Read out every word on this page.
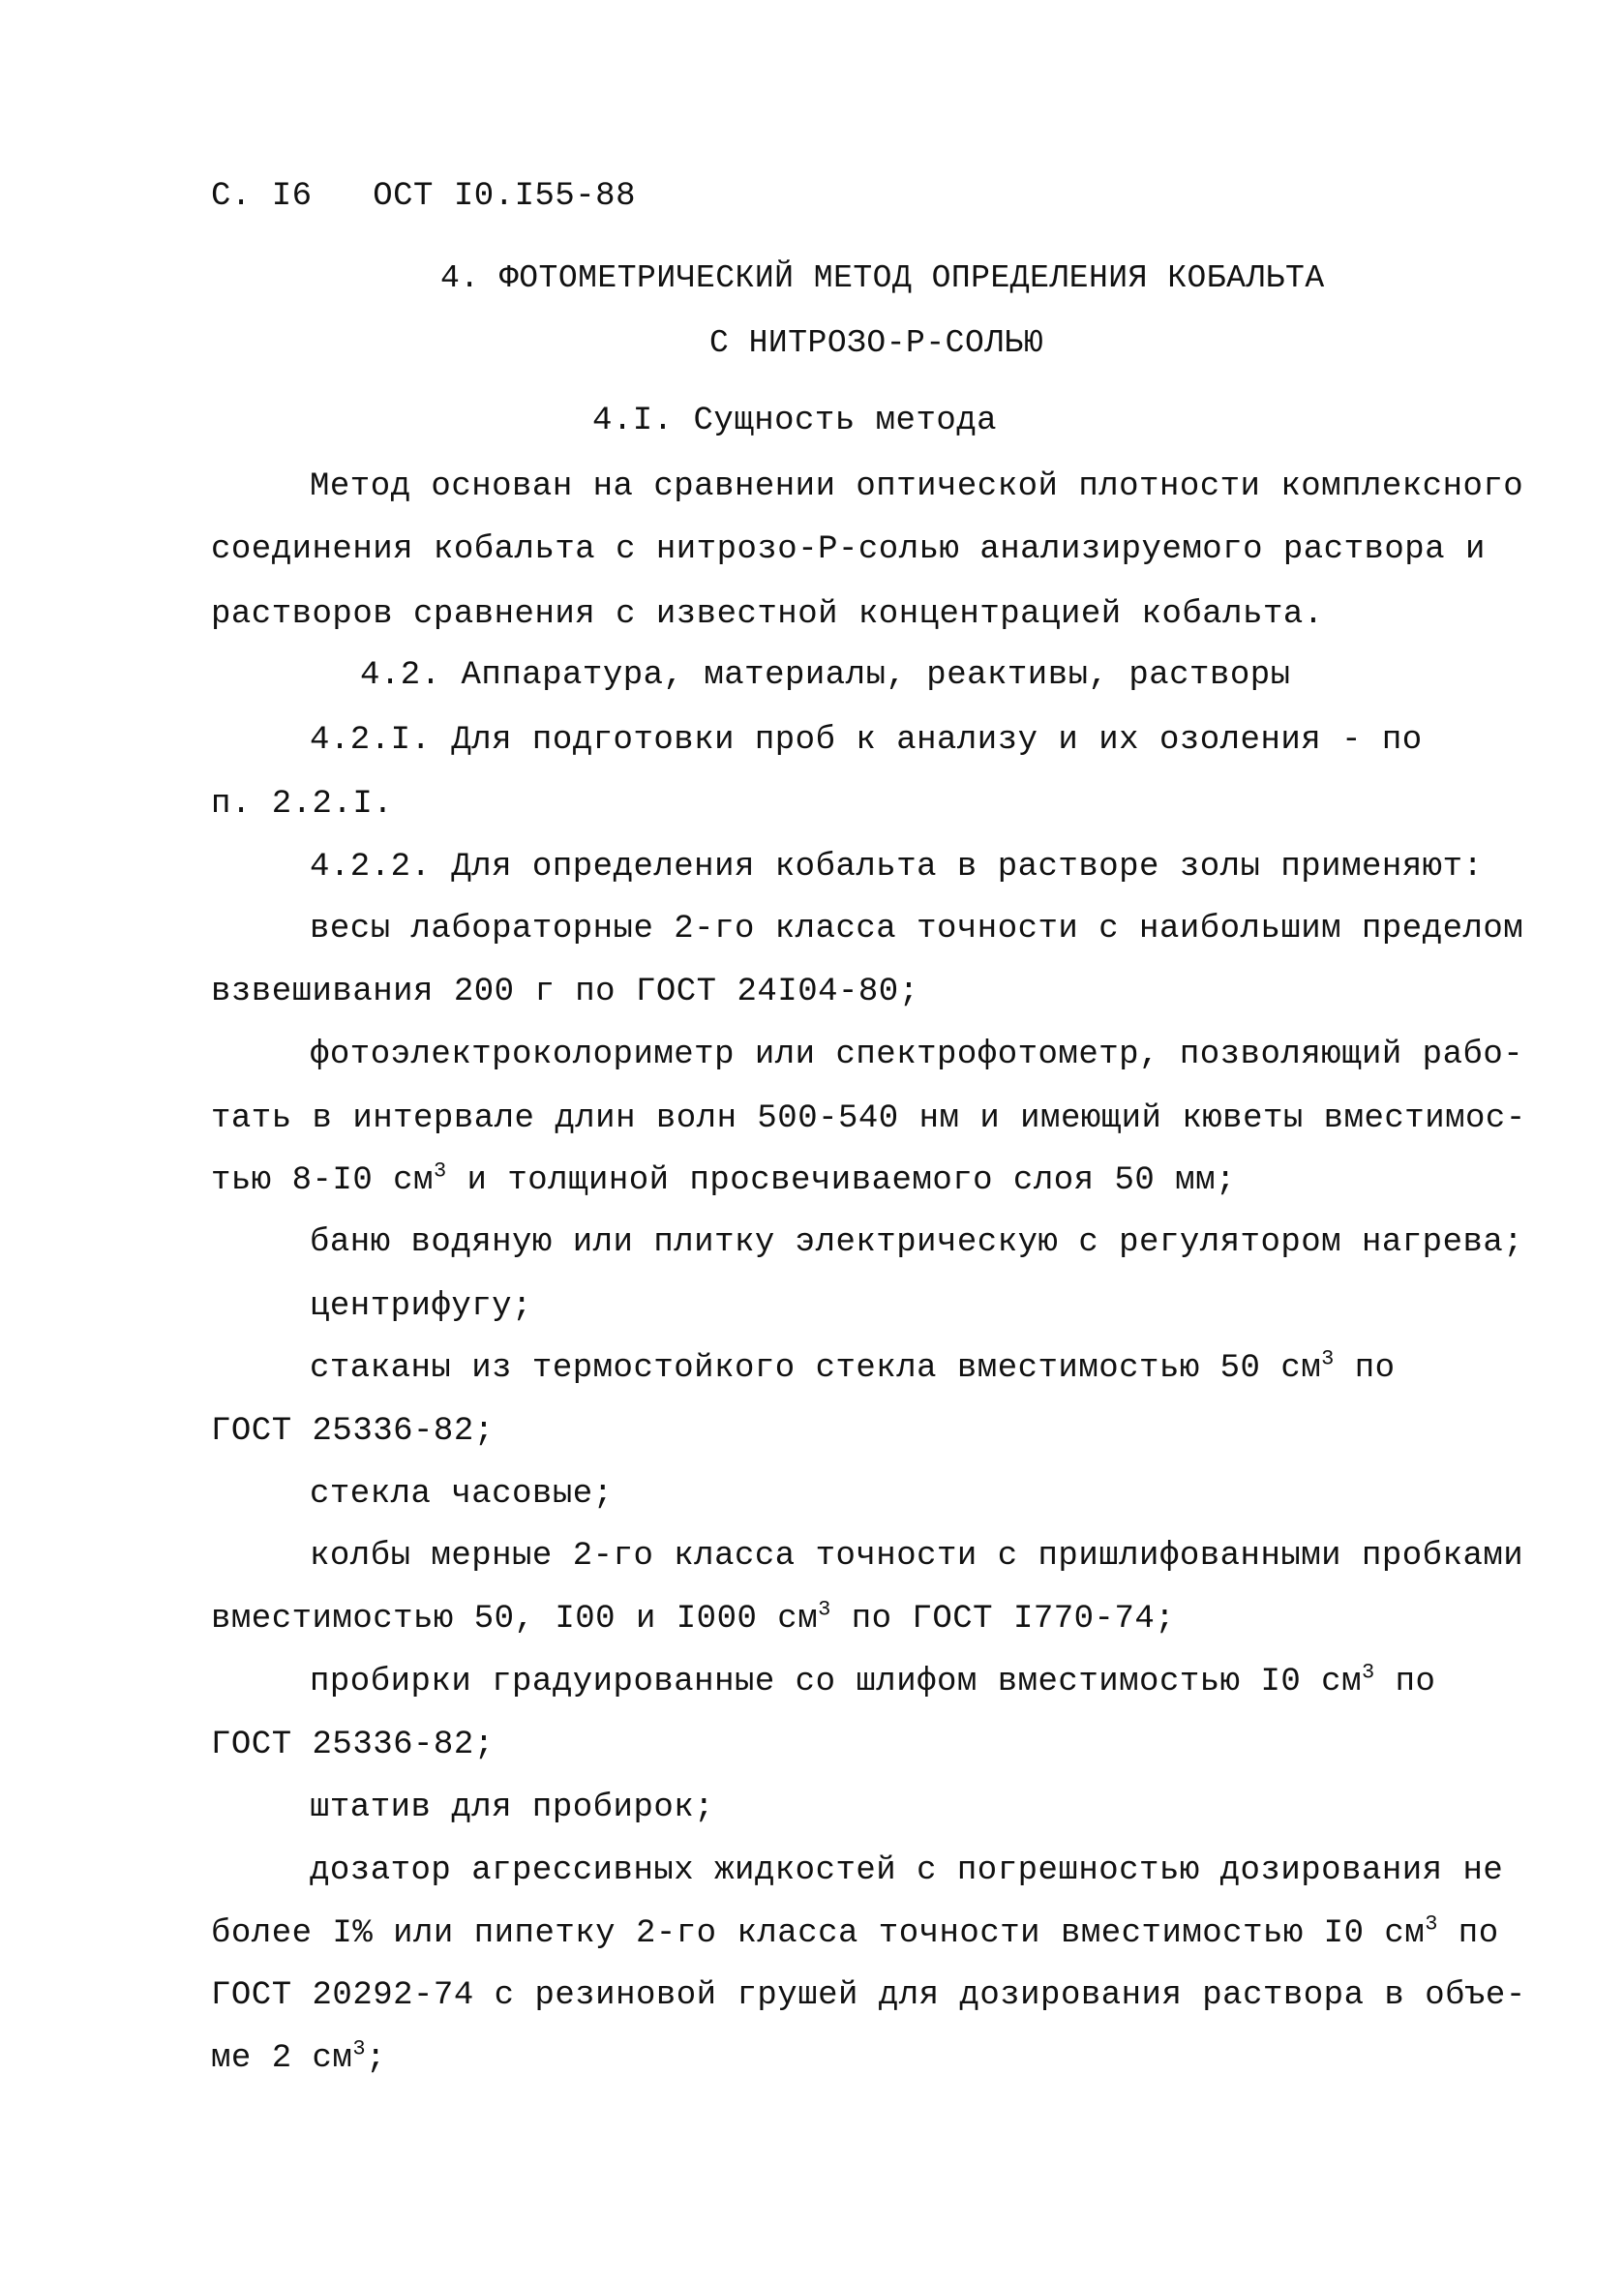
С. I6 ОСТ I0.I55-88
4. ФОТОМЕТРИЧЕСКИЙ МЕТОД ОПРЕДЕЛЕНИЯ КОБАЛЬТА
С НИТРОЗО-Р-СОЛЬЮ
4.I. Сущность метода
Метод основан на сравнении оптической плотности комплексного
соединения кобальта с нитрозо-Р-солью анализируемого раствора и
растворов сравнения с известной концентрацией кобальта.
4.2. Аппаратура, материалы, реактивы, растворы
4.2.I. Для подготовки проб к анализу и их озоления - по
п. 2.2.I.
4.2.2. Для определения кобальта в растворе золы применяют:
весы лабораторные 2-го класса точности с наибольшим пределом
взвешивания 200 г по ГОСТ 24I04-80;
фотоэлектроколориметр или спектрофотометр, позволяющий рабо-
тать в интервале длин волн 500-540 нм и имеющий кюветы вместимос-
тью 8-I0 $см^3$ и толщиной просвечиваемого слоя 50 мм;
баню водяную или плитку электрическую с регулятором нагрева;
центрифугу;
стаканы из термостойкого стекла вместимостью 50 $см^3$ по
ГОСТ 25336-82;
стекла часовые;
колбы мерные 2-го класса точности с пришлифованными пробками
вместимостью 50, I00 и I000 $см^3$ по ГОСТ I770-74;
пробирки градуированные со шлифом вместимостью I0 $см^3$ по
ГОСТ 25336-82;
штатив для пробирок;
дозатор агрессивных жидкостей с погрешностью дозирования не
более I% или пипетку 2-го класса точности вместимостью I0 $см^3$ по
ГОСТ 20292-74 с резиновой грушей для дозирования раствора в объе-
ме 2 $см^3$;
